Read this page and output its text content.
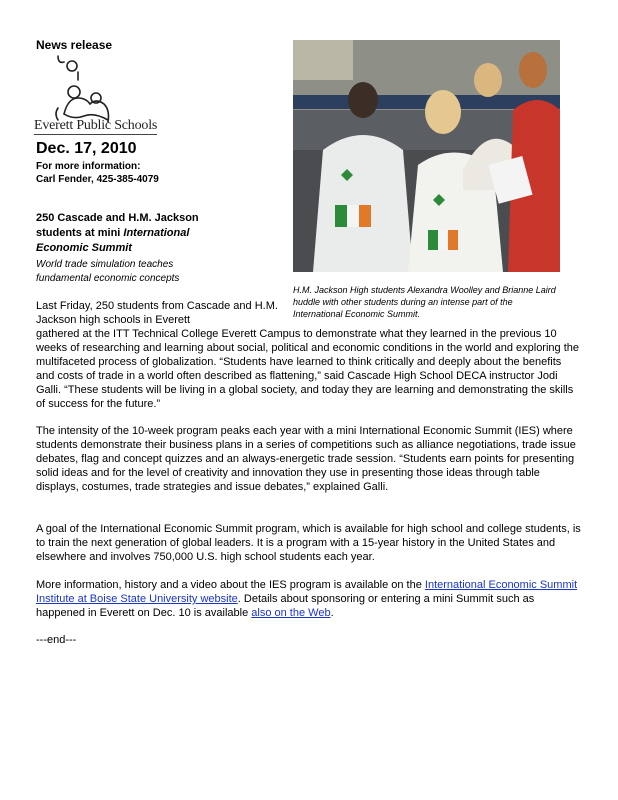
News release
Everett Public Schools
Dec. 17, 2010
For more information:
Carl Fender, 425-385-4079
250 Cascade and H.M. Jackson students at mini International Economic Summit
World trade simulation teaches fundamental economic concepts
H.M. Jackson High students Alexandra Woolley and Brianne Laird huddle with other students during an intense part of the International Economic Summit.
Last Friday, 250 students from Cascade and H.M. Jackson high schools in Everett
gathered at the ITT Technical College Everett Campus to demonstrate what they learned in the previous 10 weeks of researching and learning about social, political and economic conditions in the world and exploring the multifaceted process of globalization. “Students have learned to think critically and deeply about the benefits and costs of trade in a world often described as flattening,” said Cascade High School DECA instructor Jodi Galli. “These students will be living in a global society, and today they are learning and demonstrating the skills of success for the future.”
The intensity of the 10-week program peaks each year with a mini International Economic Summit (IES) where students demonstrate their business plans in a series of competitions such as alliance negotiations, trade issue debates, flag and concept quizzes and an always-energetic trade session. “Students earn points for presenting solid ideas and for the level of creativity and innovation they use in presenting those ideas through table displays, costumes, trade strategies and issue debates,” explained Galli.
A goal of the International Economic Summit program, which is available for high school and college students, is to train the next generation of global leaders. It is a program with a 15-year history in the United States and elsewhere and involves 750,000 U.S. high school students each year.
More information, history and a video about the IES program is available on the International Economic Summit Institute at Boise State University website. Details about sponsoring or entering a mini Summit such as happened in Everett on Dec. 10 is available also on the Web.
---end---
